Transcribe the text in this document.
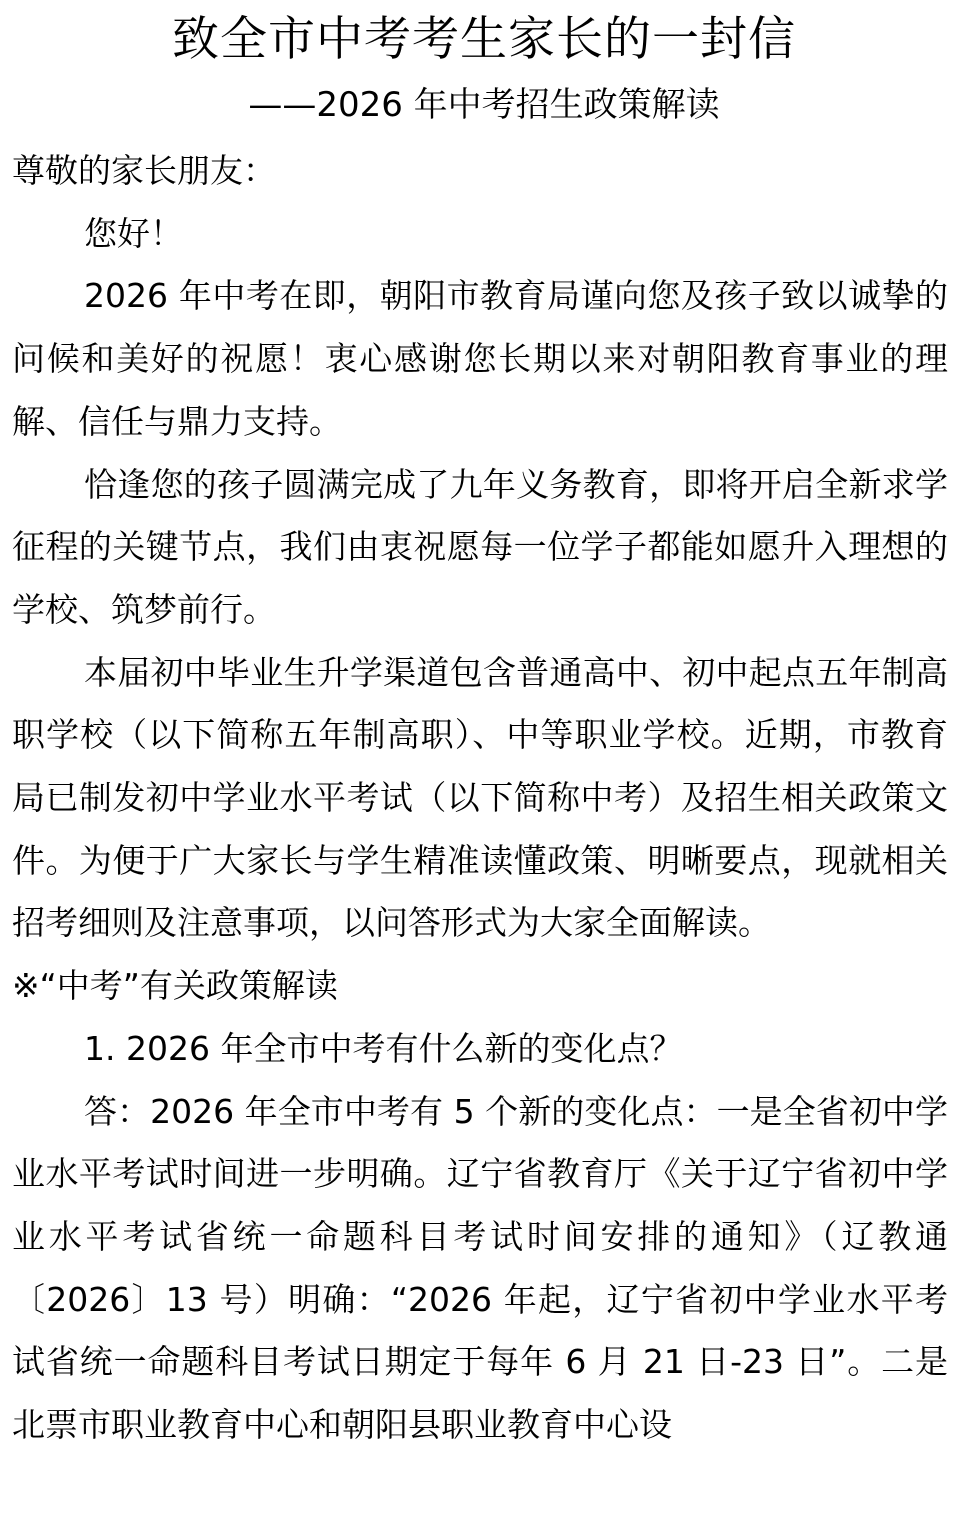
致全市中考考生家长的一封信
——2026 年中考招生政策解读

尊敬的家长朋友：

您好！

2026 年中考在即，朝阳市教育局谨向您及孩子致以诚挚的问候和美好的祝愿！衷心感谢您长期以来对朝阳教育事业的理解、信任与鼎力支持。

恰逢您的孩子圆满完成了九年义务教育，即将开启全新求学征程的关键节点，我们由衷祝愿每一位学子都能如愿升入理想的学校、筑梦前行。

本届初中毕业生升学渠道包含普通高中、初中起点五年制高职学校（以下简称五年制高职）、中等职业学校。近期，市教育局已制发初中学业水平考试（以下简称中考）及招生相关政策文件。为便于广大家长与学生精准读懂政策、明晰要点，现就相关招考细则及注意事项，以问答形式为大家全面解读。

※“中考”有关政策解读

1. 2026 年全市中考有什么新的变化点？

答：2026 年全市中考有 5 个新的变化点：一是全省初中学业水平考试时间进一步明确。辽宁省教育厅《关于辽宁省初中学业水平考试省统一命题科目考试时间安排的通知》（辽教通〔2026〕13 号）明确：“2026 年起，辽宁省初中学业水平考试省统一命题科目考试日期定于每年 6 月 21 日-23 日”。二是北票市职业教育中心和朝阳县职业教育中心设
